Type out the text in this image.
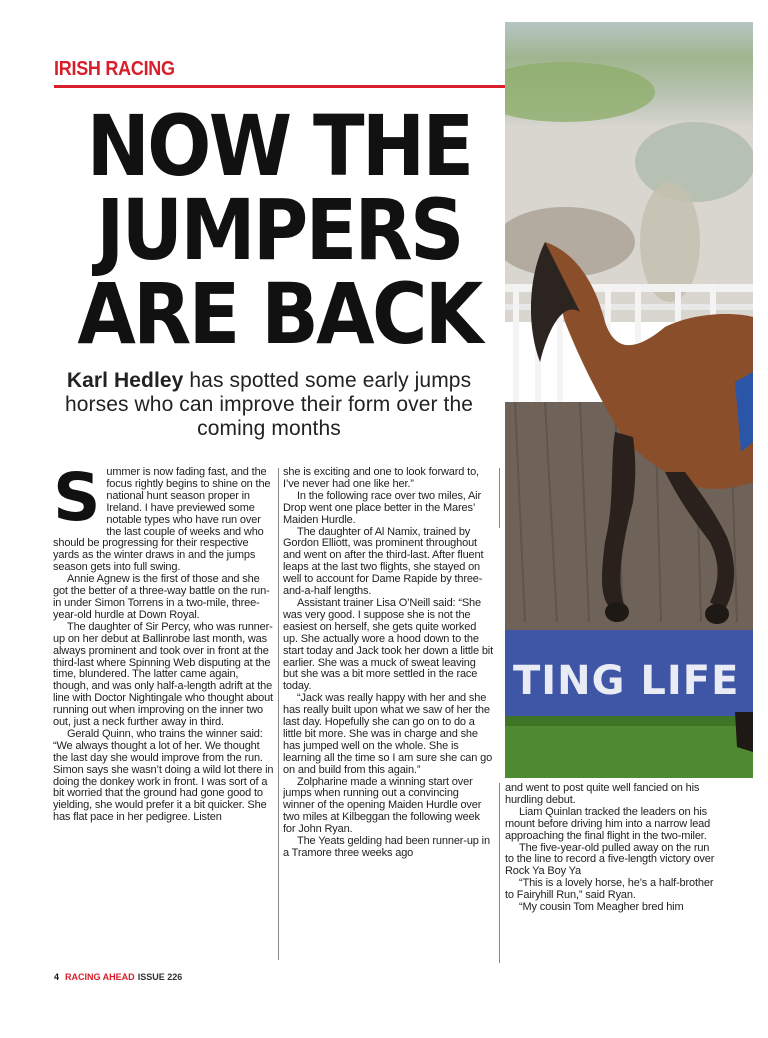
IRISH RACING
NOW THE
JUMPERS
ARE BACK

Karl Hedley has spotted some early jumps horses who can improve their form over the coming months

TING LIFE

Summer is now fading fast, and the focus rightly begins to shine on the national hunt season proper in Ireland. I have previewed some notable types who have run over the last couple of weeks and who should be progressing for their respective yards as the winter draws in and the jumps season gets into full swing.

Annie Agnew is the first of those and she got the better of a three-way battle on the run-in under Simon Torrens in a two-mile, three-year-old hurdle at Down Royal.

The daughter of Sir Percy, who was runner-up on her debut at Ballinrobe last month, was always prominent and took over in front at the third-last where Spinning Web disputing at the time, blundered. The latter came again, though, and was only half-a-length adrift at the line with Doctor Nightingale who thought about running out when improving on the inner two out, just a neck further away in third.

Gerald Quinn, who trains the winner said: “We always thought a lot of her. We thought the last day she would improve from the run. Simon says she wasn’t doing a wild lot there in doing the donkey work in front. I was sort of a bit worried that the ground had gone good to yielding, she would prefer it a bit quicker. She has flat pace in her pedigree. Listen

she is exciting and one to look forward to, I’ve never had one like her.”

In the following race over two miles, Air Drop went one place better in the Mares’ Maiden Hurdle.

The daughter of Al Namix, trained by Gordon Elliott, was prominent throughout and went on after the third-last. After fluent leaps at the last two flights, she stayed on well to account for Dame Rapide by three-and-a-half lengths.

Assistant trainer Lisa O’Neill said: “She was very good. I suppose she is not the easiest on herself, she gets quite worked up. She actually wore a hood down to the start today and Jack took her down a little bit earlier. She was a muck of sweat leaving but she was a bit more settled in the race today.

“Jack was really happy with her and she has really built upon what we saw of her the last day. Hopefully she can go on to do a little bit more. She was in charge and she has jumped well on the whole. She is learning all the time so I am sure she can go on and build from this again.”

Zolpharine made a winning start over jumps when running out a convincing winner of the opening Maiden Hurdle over two miles at Kilbeggan the following week for John Ryan.

The Yeats gelding had been runner-up in a Tramore three weeks ago

and went to post quite well fancied on his hurdling debut.

Liam Quinlan tracked the leaders on his mount before driving him into a narrow lead approaching the final flight in the two-miler.

The five-year-old pulled away on the run to the line to record a five-length victory over Rock Ya Boy Ya

“This is a lovely horse, he’s a half-brother to Fairyhill Run,” said Ryan.

“My cousin Tom Meagher bred him

4 RACING AHEAD ISSUE 226
